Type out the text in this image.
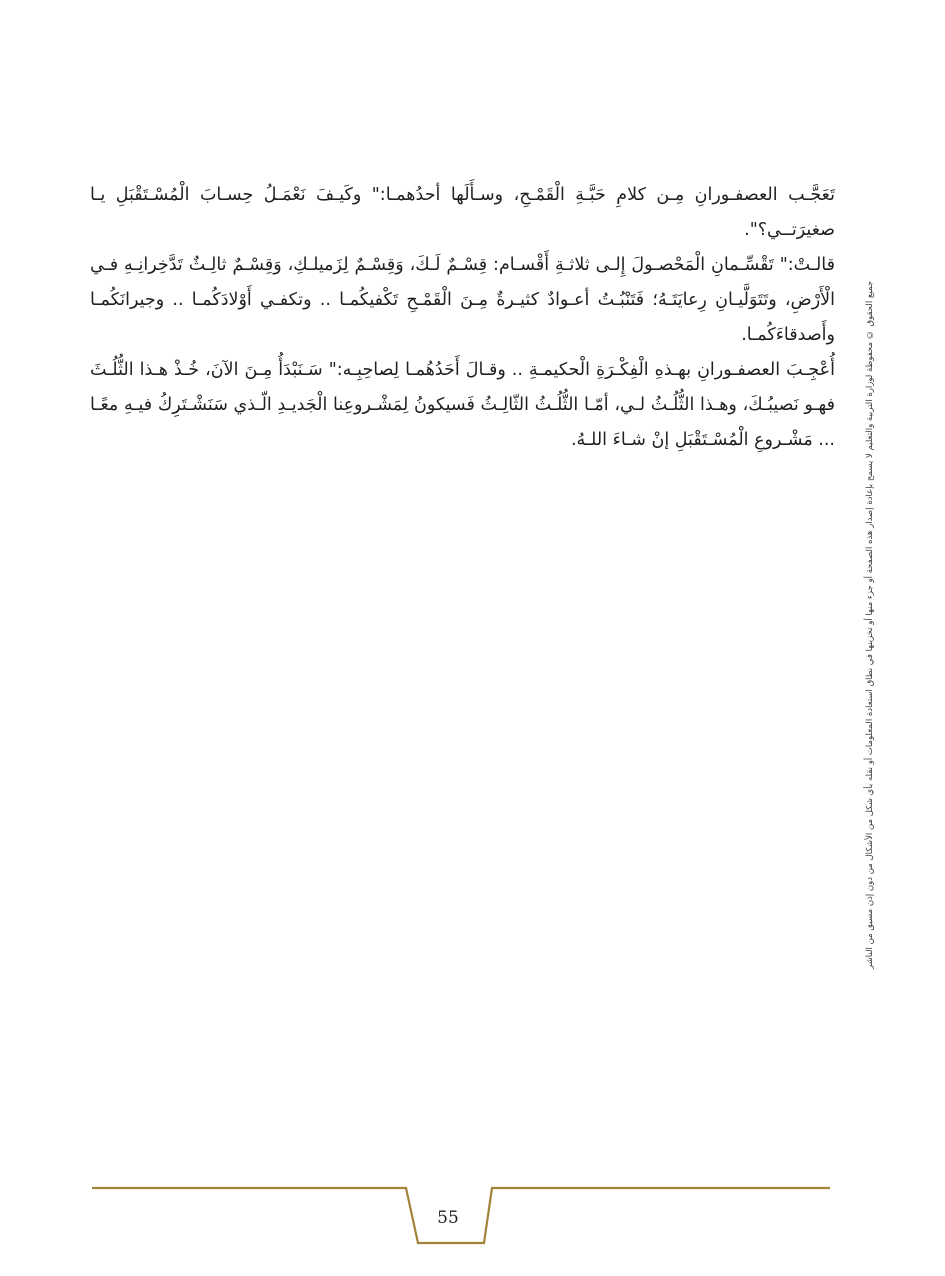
تَعَجَّـب العصفـورانِ مِـن كلامِ حَبَّـةِ الْقَمْـحِ، وسـأَلَها أحدُهمـا:" وكَيـفَ نَعْمَـلُ حِسـابَ الْمُسْـتَقْبَلِ يـا صغيرَتــي؟".

قالـتْ:" تَقْسِّـمانِ الْمَحْصـولَ إِلـى ثلاثـةِ أَقْسـام: قِسْـمٌ لَـكَ، وَقِسْـمٌ لِزَميلـكِ، وَقِسْـمٌ ثالِـثٌ تَدَّخِرانِـهِ فـي الْأَرْضِ، وتَتَوَلَّيـانِ رِعايَتَـهُ؛ فَتَنْبُـتُ أعـوادٌ كثيـرةٌ مِـنَ الْقَمْـحِ تَكْفيكُمـا .. وتكفـي أَوْلادَكُمـا .. وجيرانَكُمـا وأَصدقاءَكُمـا.

أُعْجِـبَ العصفـورانِ بهـذهِ الْفِكْـرَةِ الْحكيمـةِ .. وقـالَ أَحَدُهُمـا لِصاحِبِـه:" سَـنَبْدَأُ مِـنَ الآنَ، خُـذْ هـذا الثُّلُـثَ فهـو نَصيبُـكَ، وهـذا الثُّلُـثُ لـي، أمّـا الثُّلُـثُ الثّالِـثُ فَسيكونُ لِمَشْـروعِنا الْجَديـدِ الّـذي سَنَشْـتَرِكُ فيـهِ معًـا ... مَشْـروعِ الْمُسْـتَقْبَلِ إنْ شـاءَ اللـهُ.	جميع الحقوق © محفوظة لوزارة التربية والتعليم لا يسمح بإعادة إصدار هذه الصفحة أو جزء منها أو تخزينها في نطاق استعادة المعلومات أو نقله بأي شكل من الأشكال من دون إذن مسبق من الناشر
55
